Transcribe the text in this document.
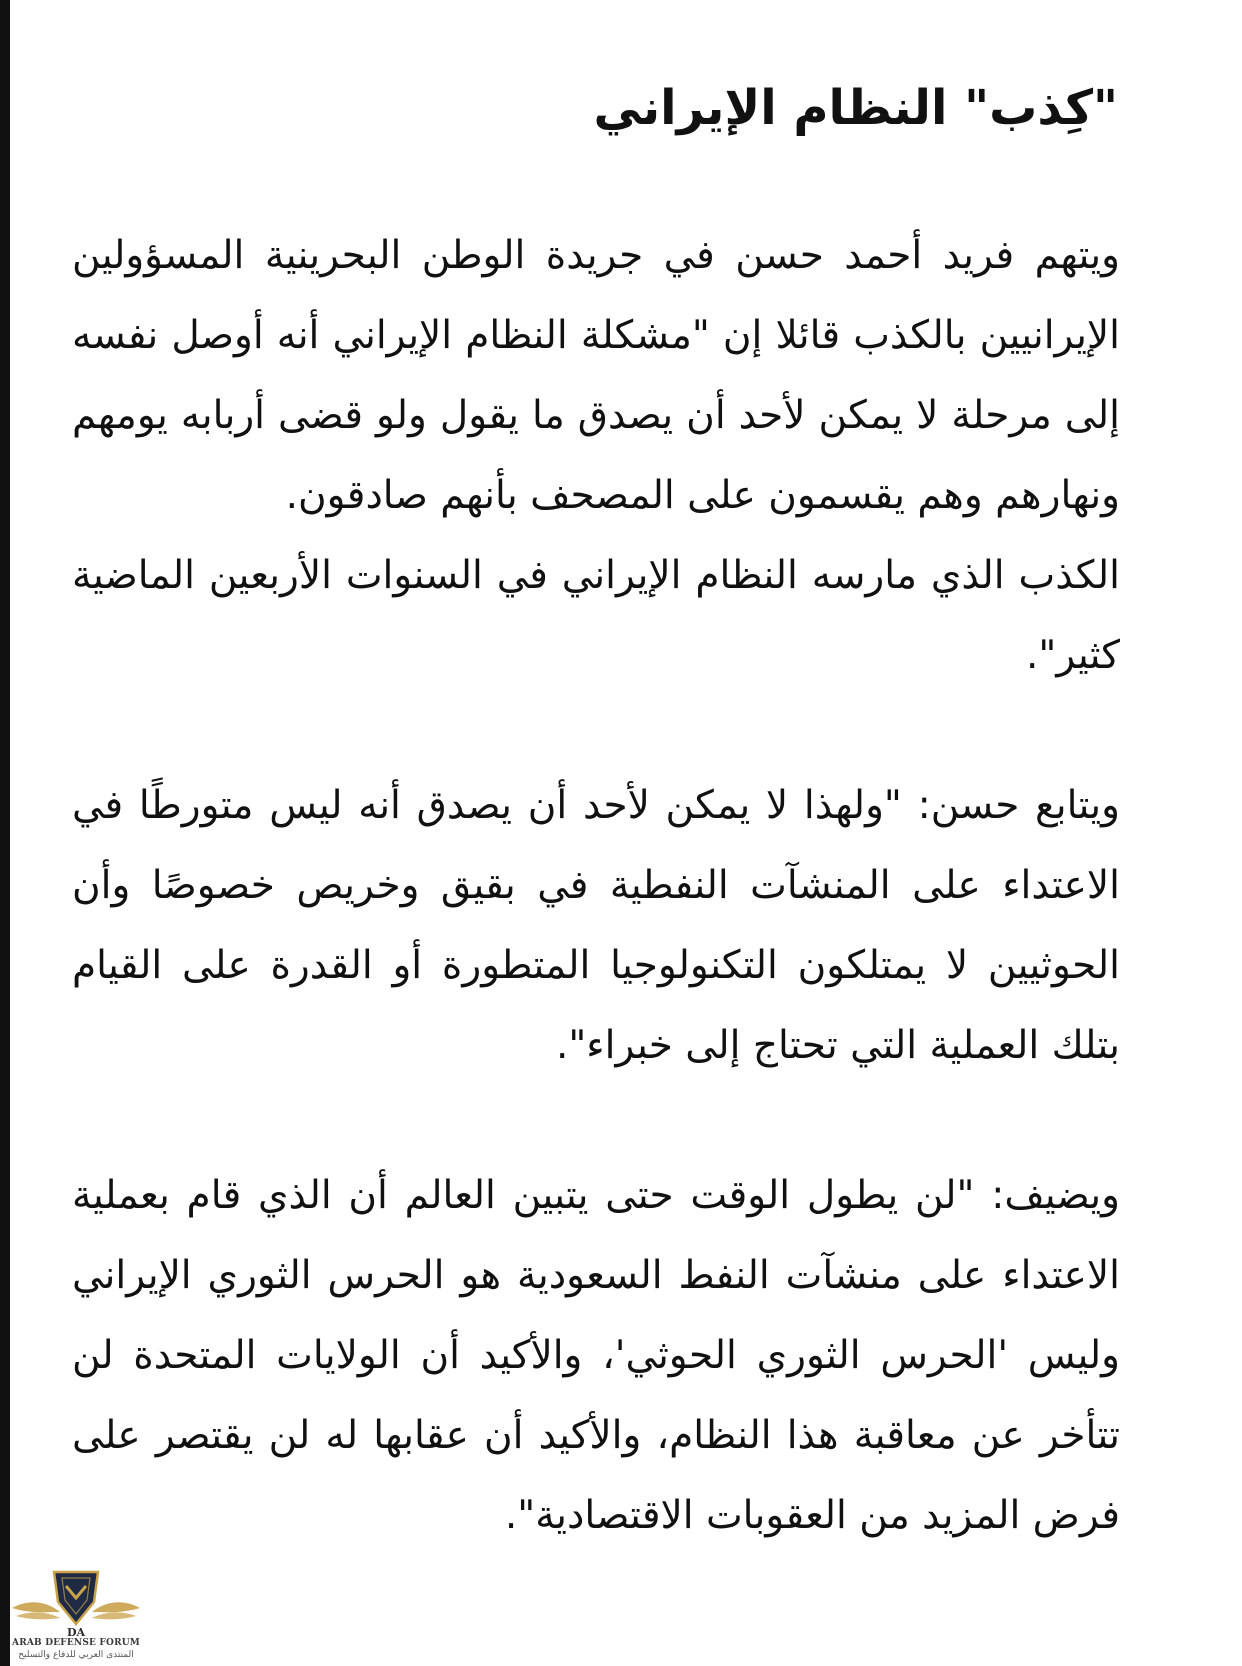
"كِذب" النظام الإيراني

ويتهم فريد أحمد حسن في جريدة الوطن البحرينية المسؤولين الإيرانيين بالكذب قائلا إن "مشكلة النظام الإيراني أنه أوصل نفسه إلى مرحلة لا يمكن لأحد أن يصدق ما يقول ولو قضى أربابه يومهم ونهارهم وهم يقسمون على المصحف بأنهم صادقون.

الكذب الذي مارسه النظام الإيراني في السنوات الأربعين الماضية كثير".

ويتابع حسن: "ولهذا لا يمكن لأحد أن يصدق أنه ليس متورطًا في الاعتداء على المنشآت النفطية في بقيق وخريص خصوصًا وأن الحوثيين لا يمتلكون التكنولوجيا المتطورة أو القدرة على القيام بتلك العملية التي تحتاج إلى خبراء".

ويضيف: "لن يطول الوقت حتى يتبين العالم أن الذي قام بعملية الاعتداء على منشآت النفط السعودية هو الحرس الثوري الإيراني وليس 'الحرس الثوري الحوثي'، والأكيد أن الولايات المتحدة لن تتأخر عن معاقبة هذا النظام، والأكيد أن عقابها له لن يقتصر على فرض المزيد من العقوبات الاقتصادية".

DA
ARAB DEFENSE FORUM
المنتدى العربي للدفاع والتسليح
